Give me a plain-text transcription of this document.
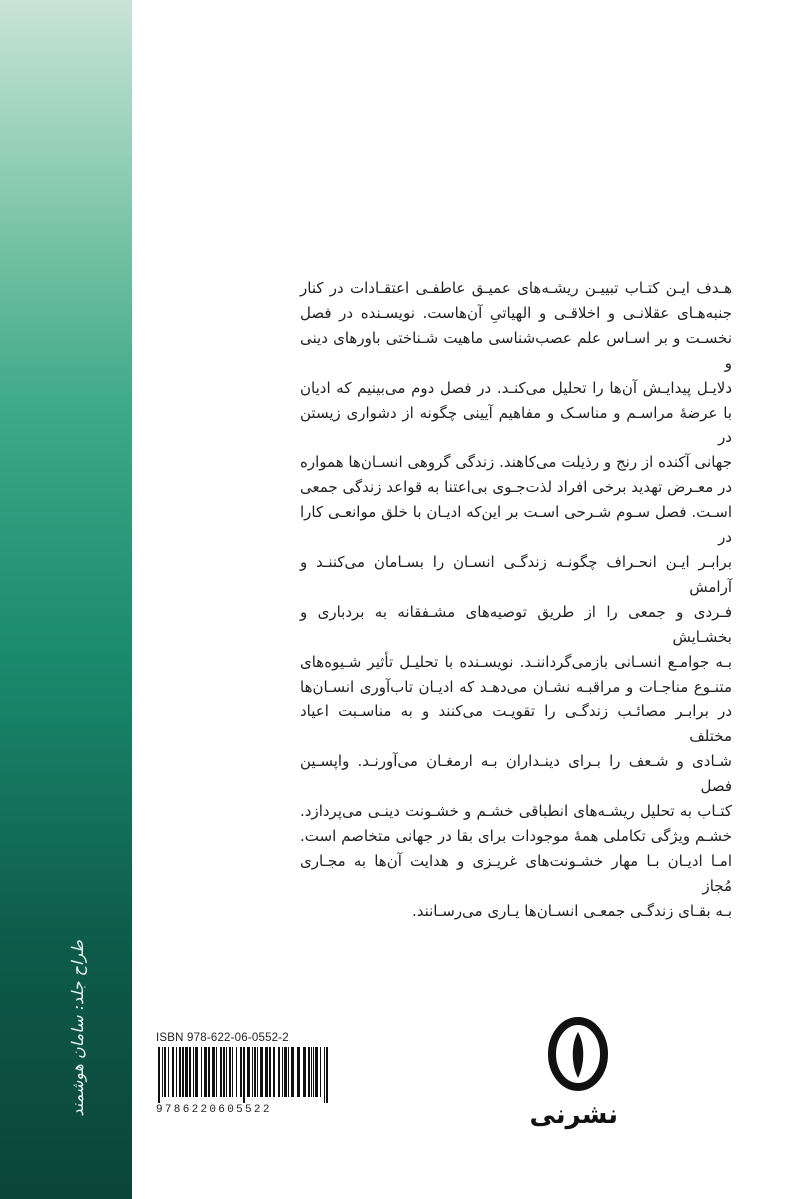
طراح جلد: سامان هوشمند
هـدف ایـن کتـاب تبییـن ریشـه‌های عمیـق عاطفـی اعتقـادات در کنار
جنبه‌هـای عقلانـی و اخلاقـی و الهیاتیِ آن‌هاست. نویسـنده در فصل
نخسـت و بر اسـاس علم عصب‌شناسی ماهیت شـناختی باورهای دینی و
دلایـل پیدایـش آن‌ها را تحلیل می‌کنـد. در فصل دوم می‌بینیم که ادیان
با عرضهٔ مراسـم و مناسـک و مفاهیم آیینی چگونه از دشواری زیستن در
جهانی آکنده از رنج و رذیلت می‌کاهند. زندگی گروهی انسـان‌ها همواره
در معـرض تهدید برخی افراد لذت‌جـوی بی‌اعتنا به قواعد زندگی جمعی
اسـت. فصل سـوم شـرحی اسـت بر این‌که ادیـان با خلق موانعـی کارا در
برابـر ایـن انحـراف چگونـه زندگـی انسـان را بسـامان می‌کننـد و آرامش
فـردی و جمعی را از طریق توصیه‌های مشـفقانه به بردباری و بخشـایش
بـه جوامـع انسـانی بازمی‌گرداننـد. نویسـنده با تحلیـل تأثیر شـیوه‌های
متنـوع مناجـات و مراقبـه نشـان می‌دهـد که ادیـان تاب‌آوری انسـان‌ها
در برابـر مصائـب زندگـی را تقویـت می‌کنند و به مناسـبت اعیاد مختلف
شـادی و شـعف را بـرای دینـداران بـه ارمغـان می‌آورنـد. واپسـین فصل
کتـاب به تحلیل ریشـه‌های انطباقی خشـم و خشـونت دینـی می‌پردازد.
خشـم ویژگی تکاملی همهٔ موجودات برای بقا در جهانی متخاصم است.
امـا ادیـان بـا مهار خشـونت‌های غریـزی و هدایت آن‌ها به مجـاری مُجاز
بـه بقـای زندگـی جمعـی انسـان‌ها یـاری می‌رسـانند.
ISBN 978-622-06-0552-2
9786220605522	نشرنی
